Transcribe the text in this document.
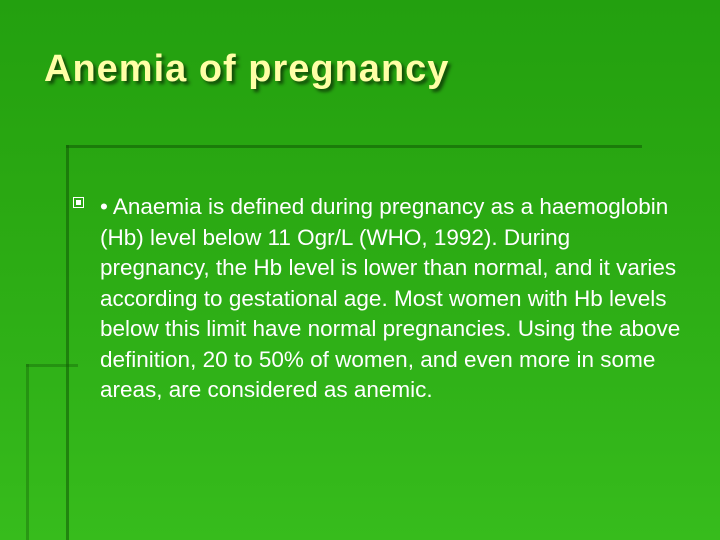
Anemia of pregnancy
• Anaemia is defined during pregnancy as a haemoglobin (Hb) level below 11 Ogr/L (WHO, 1992). During pregnancy, the Hb level is lower than normal, and it varies according to gestational age. Most women with Hb levels below this limit have normal pregnancies. Using the above definition, 20 to 50% of women, and even more in some areas, are considered as anemic.
